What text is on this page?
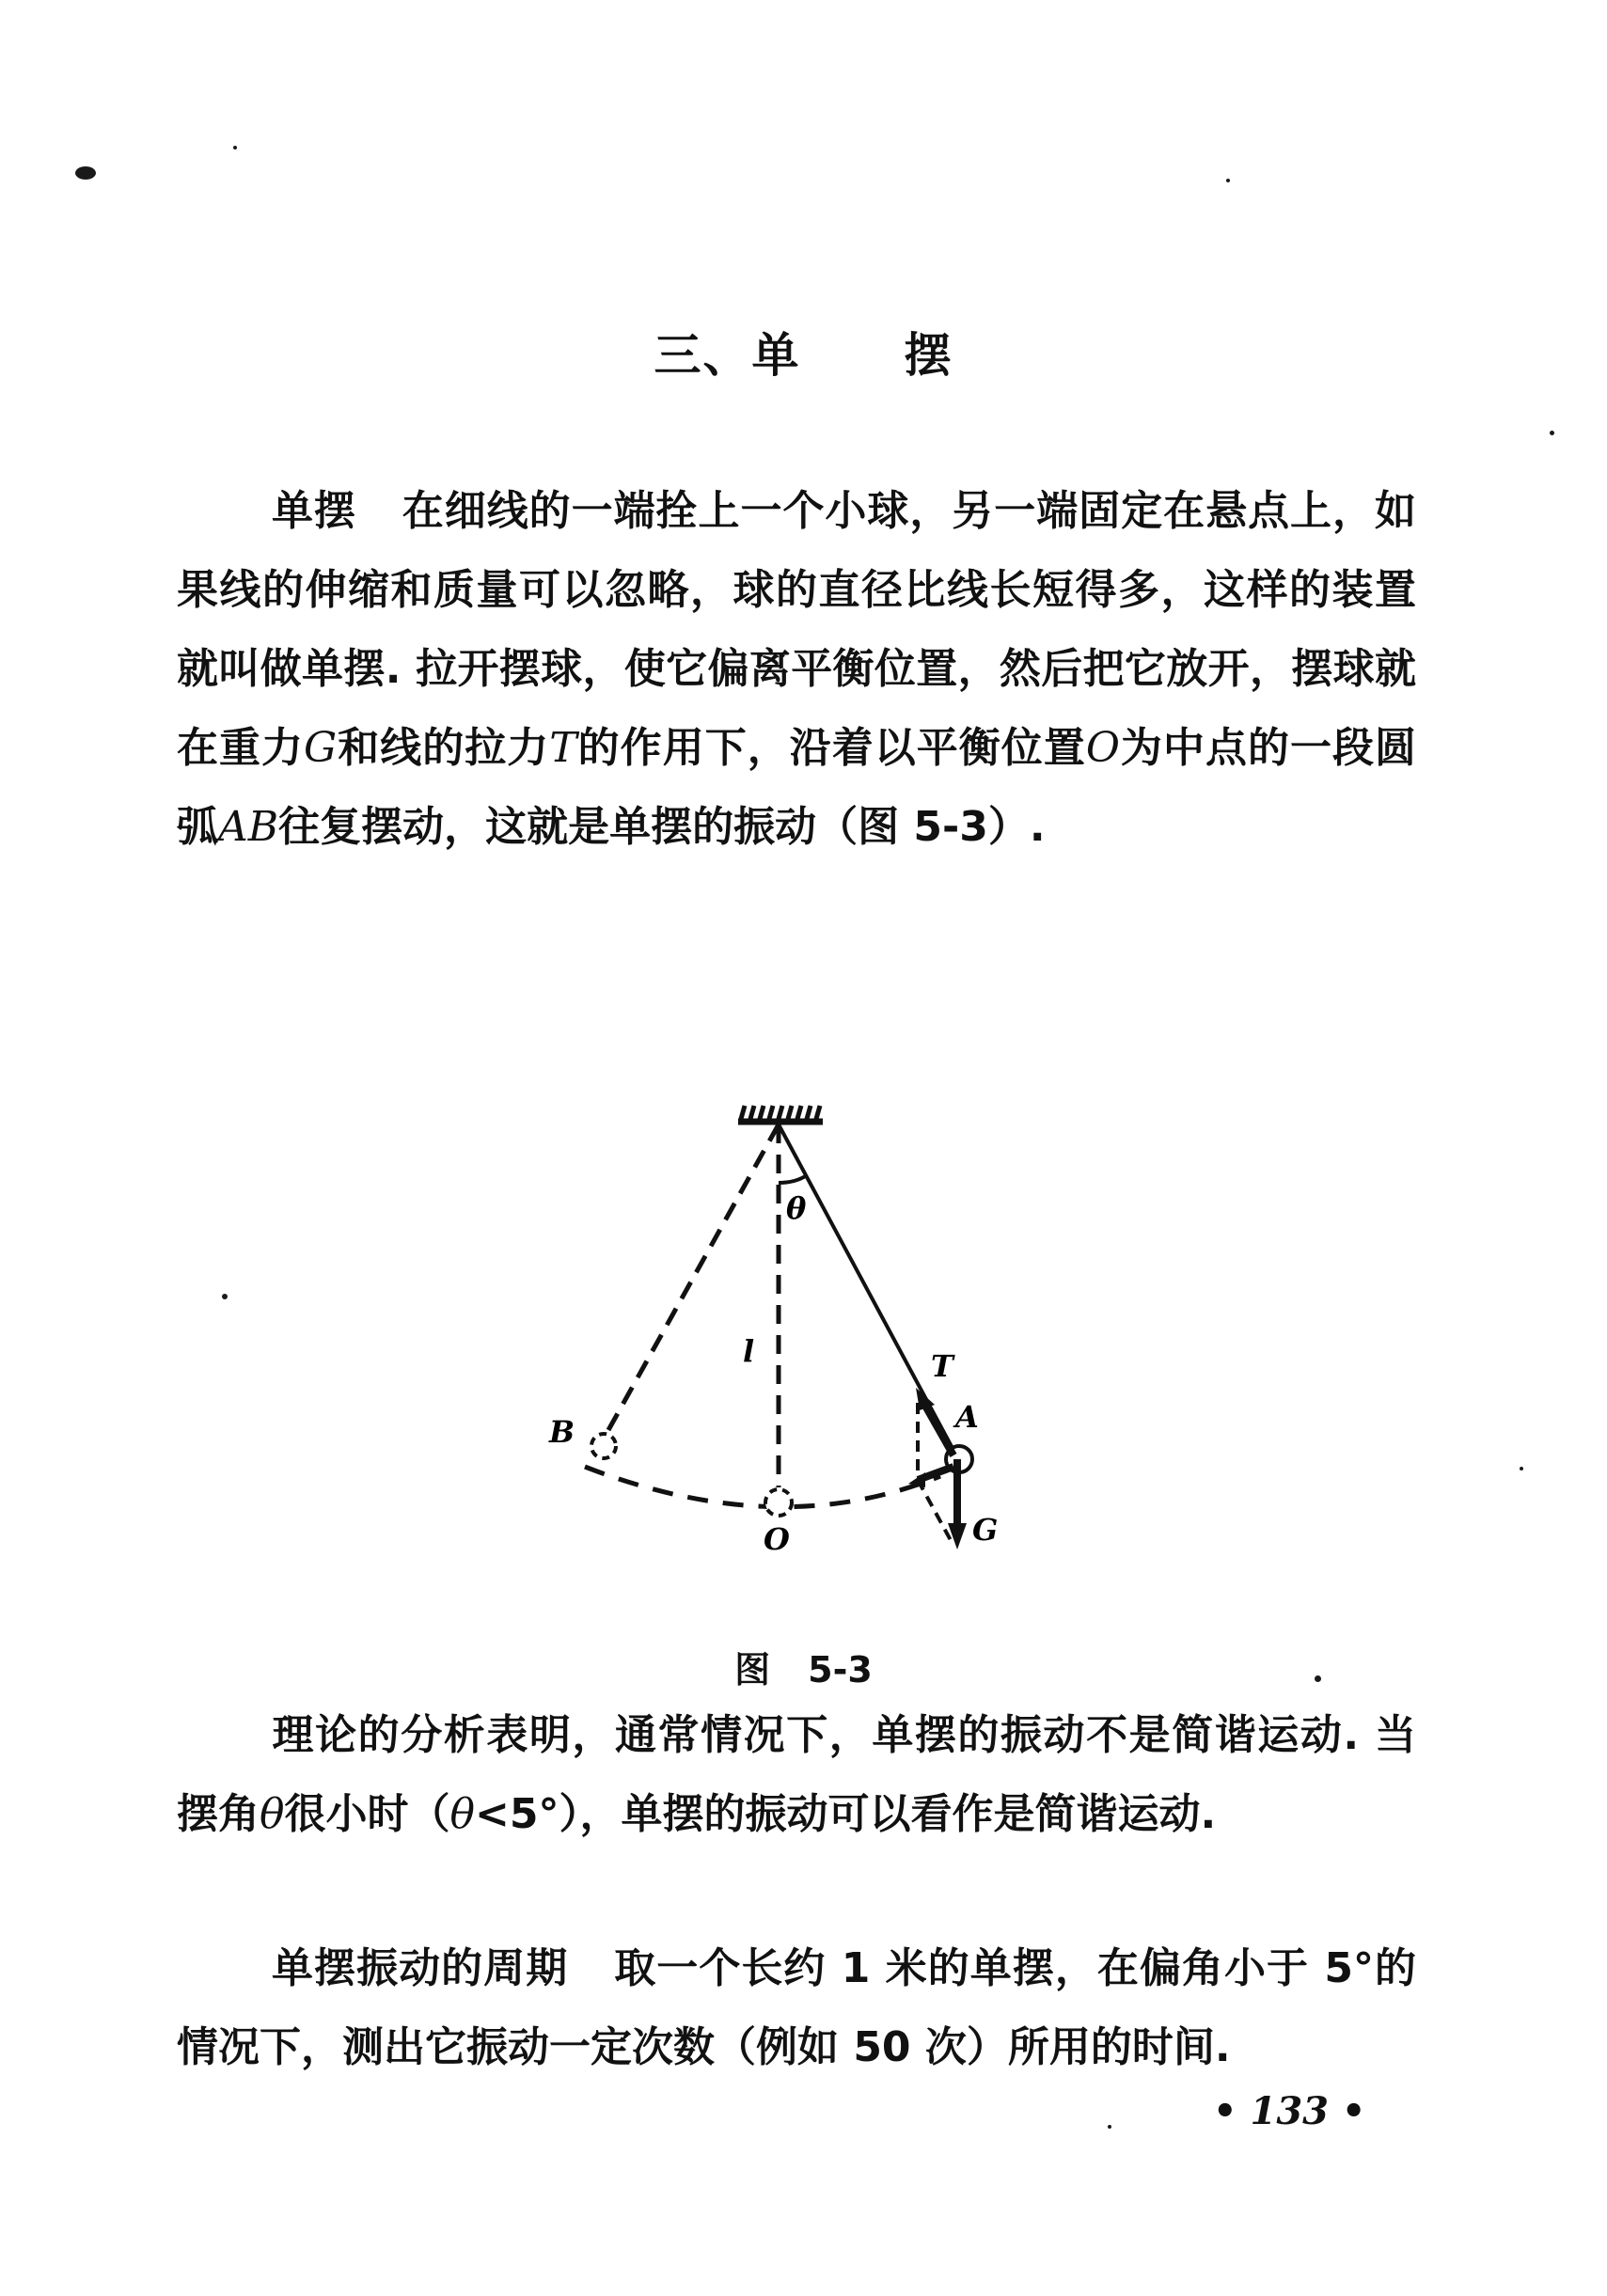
三、单 摆
单摆 在细线的一端拴上一个小球，另一端固定在悬点上，如果线的伸缩和质量可以忽略，球的直径比线长短得多，这样的装置就叫做单摆. 拉开摆球，使它偏离平衡位置，然后把它放开，摆球就在重力G和线的拉力T的作用下，沿着以平衡位置O为中点的一段圆弧AB往复摆动，这就是单摆的振动（图 5-3）.
θ
l	T
A
B
O	G
图 5-3
理论的分析表明，通常情况下，单摆的振动不是简谐运动. 当摆角θ很小时（θ<5°），单摆的振动可以看作是简谐运动.
单摆振动的周期 取一个长约 1 米的单摆，在偏角小于 5°的情况下，测出它振动一定次数（例如 50 次）所用的时间.
• 133 •
